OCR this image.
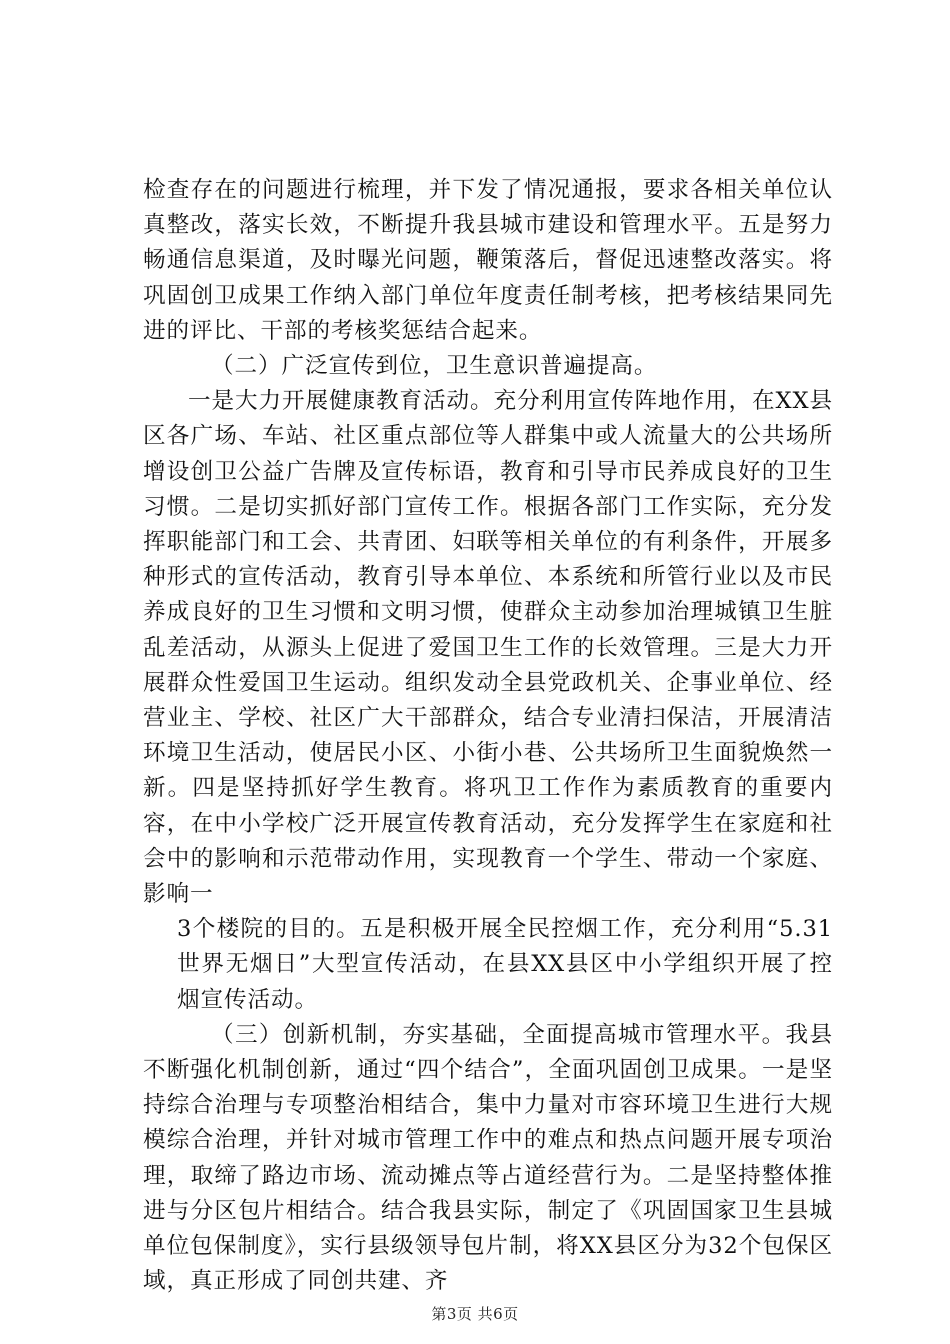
检查存在的问题进行梳理，并下发了情况通报，要求各相关单位认真整改，落实长效，不断提升我县城市建设和管理水平。五是努力畅通信息渠道，及时曝光问题，鞭策落后，督促迅速整改落实。将巩固创卫成果工作纳入部门单位年度责任制考核，把考核结果同先进的评比、干部的考核奖惩结合起来。

（二）广泛宣传到位，卫生意识普遍提高。

一是大力开展健康教育活动。充分利用宣传阵地作用，在XX县区各广场、车站、社区重点部位等人群集中或人流量大的公共场所增设创卫公益广告牌及宣传标语，教育和引导市民养成良好的卫生习惯。二是切实抓好部门宣传工作。根据各部门工作实际，充分发挥职能部门和工会、共青团、妇联等相关单位的有利条件，开展多种形式的宣传活动，教育引导本单位、本系统和所管行业以及市民养成良好的卫生习惯和文明习惯，使群众主动参加治理城镇卫生脏乱差活动，从源头上促进了爱国卫生工作的长效管理。三是大力开展群众性爱国卫生运动。组织发动全县党政机关、企事业单位、经营业主、学校、社区广大干部群众，结合专业清扫保洁，开展清洁环境卫生活动，使居民小区、小街小巷、公共场所卫生面貌焕然一新。四是坚持抓好学生教育。将巩卫工作作为素质教育的重要内容，在中小学校广泛开展宣传教育活动，充分发挥学生在家庭和社会中的影响和示范带动作用，实现教育一个学生、带动一个家庭、影响一

3个楼院的目的。五是积极开展全民控烟工作，充分利用“5.31世界无烟日”大型宣传活动，在县XX县区中小学组织开展了控烟宣传活动。

（三）创新机制，夯实基础，全面提高城市管理水平。我县不断强化机制创新，通过“四个结合”，全面巩固创卫成果。一是坚持综合治理与专项整治相结合，集中力量对市容环境卫生进行大规模综合治理，并针对城市管理工作中的难点和热点问题开展专项治理，取缔了路边市场、流动摊点等占道经营行为。二是坚持整体推进与分区包片相结合。结合我县实际，制定了《巩固国家卫生县城单位包保制度》，实行县级领导包片制，将XX县区分为32个包保区域，真正形成了同创共建、齐

第3页 共6页
